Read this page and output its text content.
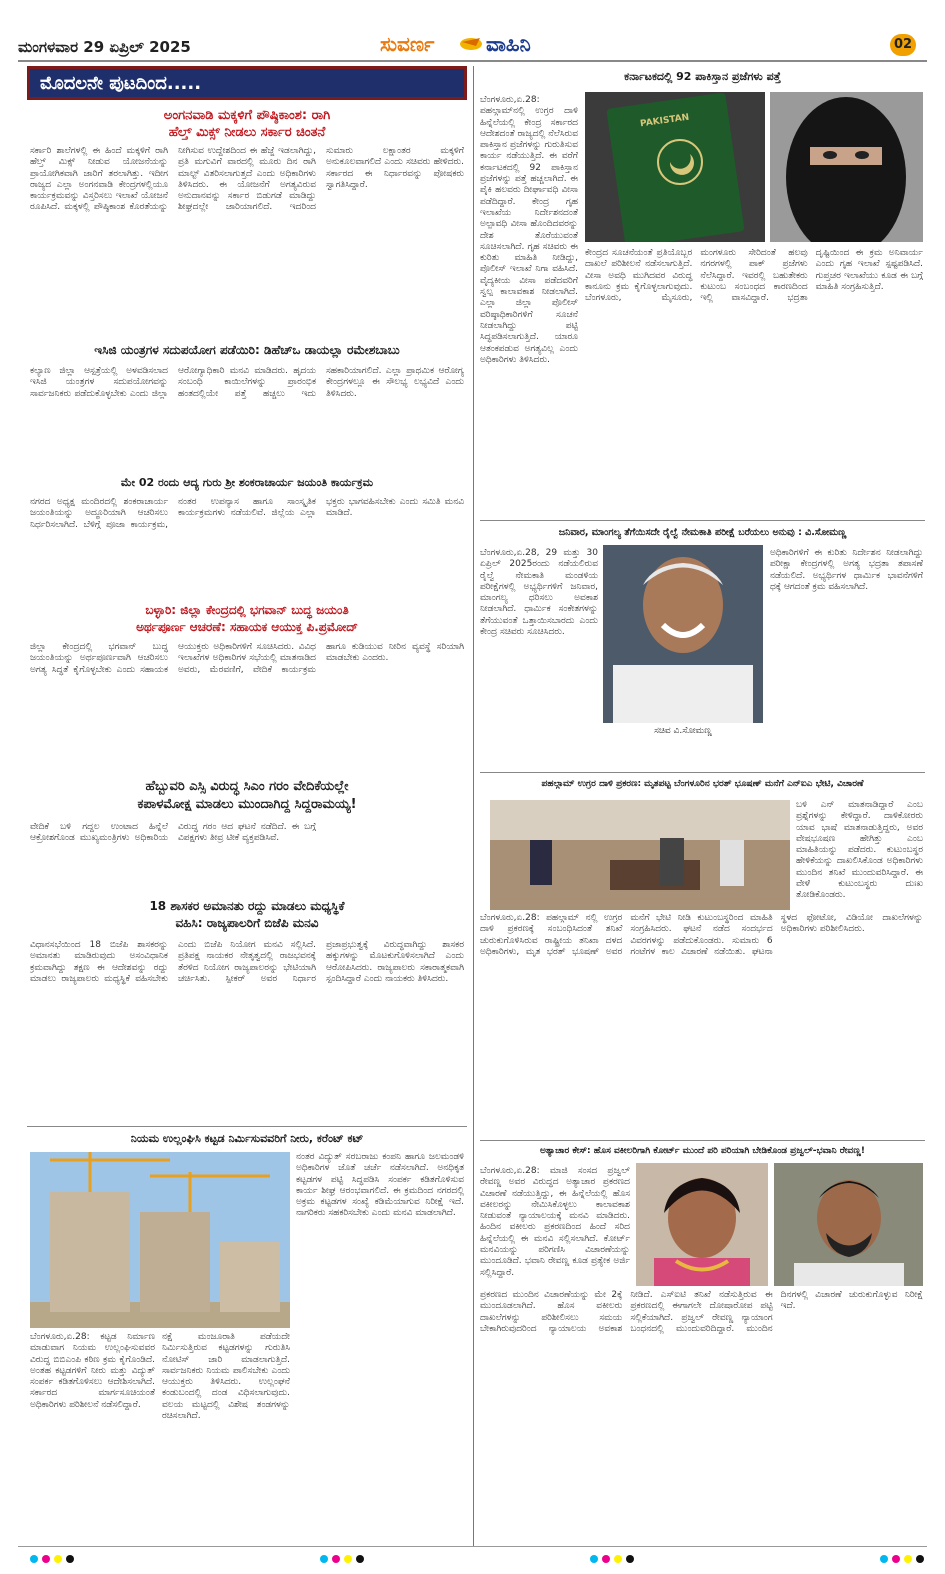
ಮಂಗಳವಾರ 29 ಏಪ್ರಿಲ್ 2025	ಸುವರ್ಣ	ವಾಹಿನಿ	02
ಮೊದಲನೇ ಪುಟದಿಂದ.....
ಅಂಗನವಾಡಿ ಮಕ್ಕಳಿಗೆ ಪೌಷ್ಠಿಕಾಂಶ: ರಾಗಿ
ಹೆಲ್ತ್ ಮಿಕ್ಸ್ ನೀಡಲು ಸರ್ಕಾರ ಚಿಂತನೆ
ಸರ್ಕಾರಿ ಶಾಲೆಗಳಲ್ಲಿ ಈ ಹಿಂದೆ ಮಕ್ಕಳಿಗೆ ರಾಗಿ ಹೆಲ್ತ್ ಮಿಕ್ಸ್ ನೀಡುವ ಯೋಜನೆಯನ್ನು ಪ್ರಾಯೋಗಿಕವಾಗಿ ಜಾರಿಗೆ ತರಲಾಗಿತ್ತು. ಇದೀಗ ರಾಜ್ಯದ ಎಲ್ಲಾ ಅಂಗನವಾಡಿ ಕೇಂದ್ರಗಳಲ್ಲಿಯೂ ಕಾರ್ಯಕ್ರಮವನ್ನು ವಿಸ್ತರಿಸಲು ಇಲಾಖೆ ಯೋಜನೆ ರೂಪಿಸಿದೆ. ಮಕ್ಕಳಲ್ಲಿ ಪೌಷ್ಠಿಕಾಂಶ ಕೊರತೆಯನ್ನು ನೀಗಿಸುವ ಉದ್ದೇಶದಿಂದ ಈ ಹೆಜ್ಜೆ ಇಡಲಾಗಿದ್ದು, ಪ್ರತಿ ಮಗುವಿಗೆ ವಾರದಲ್ಲಿ ಮೂರು ದಿನ ರಾಗಿ ಮಾಲ್ಟ್ ವಿತರಿಸಲಾಗುತ್ತದೆ ಎಂದು ಅಧಿಕಾರಿಗಳು ತಿಳಿಸಿದರು. ಈ ಯೋಜನೆಗೆ ಅಗತ್ಯವಿರುವ ಅನುದಾನವನ್ನು ಸರ್ಕಾರ ಬಿಡುಗಡೆ ಮಾಡಿದ್ದು ಶೀಘ್ರದಲ್ಲೇ ಜಾರಿಯಾಗಲಿದೆ. ಇದರಿಂದ ಸುಮಾರು ಲಕ್ಷಾಂತರ ಮಕ್ಕಳಿಗೆ ಅನುಕೂಲವಾಗಲಿದೆ ಎಂದು ಸಚಿವರು ಹೇಳಿದರು. ಸರ್ಕಾರದ ಈ ನಿರ್ಧಾರವನ್ನು ಪೋಷಕರು ಸ್ವಾಗತಿಸಿದ್ದಾರೆ.
ಇಸಿಜಿ ಯಂತ್ರಗಳ ಸದುಪಯೋಗ ಪಡೆಯಿರಿ: ಡಿಹೆಚ್ಒ ಡಾಯಲ್ಲಾ ರಮೇಶಬಾಬು
ಕಲ್ಯಾಣ ಜಿಲ್ಲಾ ಆಸ್ಪತ್ರೆಯಲ್ಲಿ ಅಳವಡಿಸಲಾದ ಇಸಿಜಿ ಯಂತ್ರಗಳ ಸದುಪಯೋಗವನ್ನು ಸಾರ್ವಜನಿಕರು ಪಡೆದುಕೊಳ್ಳಬೇಕು ಎಂದು ಜಿಲ್ಲಾ ಆರೋಗ್ಯಾಧಿಕಾರಿ ಮನವಿ ಮಾಡಿದರು. ಹೃದಯ ಸಂಬಂಧಿ ಕಾಯಿಲೆಗಳನ್ನು ಪ್ರಾರಂಭಿಕ ಹಂತದಲ್ಲಿಯೇ ಪತ್ತೆ ಹಚ್ಚಲು ಇದು ಸಹಕಾರಿಯಾಗಲಿದೆ. ಎಲ್ಲಾ ಪ್ರಾಥಮಿಕ ಆರೋಗ್ಯ ಕೇಂದ್ರಗಳಲ್ಲೂ ಈ ಸೌಲಭ್ಯ ಲಭ್ಯವಿದೆ ಎಂದು ತಿಳಿಸಿದರು.
ಮೇ 02 ರಂದು ಆದ್ಯ ಗುರು ಶ್ರೀ ಶಂಕರಾಚಾರ್ಯ ಜಯಂತಿ ಕಾರ್ಯಕ್ರಮ
ನಗರದ ಅಧ್ಯಕ್ಷ ಮಂದಿರದಲ್ಲಿ ಶಂಕರಾಚಾರ್ಯ ಜಯಂತಿಯನ್ನು ಅದ್ಧೂರಿಯಾಗಿ ಆಚರಿಸಲು ನಿರ್ಧರಿಸಲಾಗಿದೆ. ಬೆಳಿಗ್ಗೆ ಪೂಜಾ ಕಾರ್ಯಕ್ರಮ, ನಂತರ ಉಪನ್ಯಾಸ ಹಾಗೂ ಸಾಂಸ್ಕೃತಿಕ ಕಾರ್ಯಕ್ರಮಗಳು ನಡೆಯಲಿವೆ. ಜಿಲ್ಲೆಯ ಎಲ್ಲಾ ಭಕ್ತರು ಭಾಗವಹಿಸಬೇಕು ಎಂದು ಸಮಿತಿ ಮನವಿ ಮಾಡಿದೆ.
ಬಳ್ಳಾರಿ: ಜಿಲ್ಲಾ ಕೇಂದ್ರದಲ್ಲಿ ಭಗವಾನ್ ಬುದ್ಧ ಜಯಂತಿ
ಅರ್ಥಪೂರ್ಣ ಆಚರಣೆ: ಸಹಾಯಕ ಆಯುಕ್ತ ಪಿ.ಪ್ರಮೋದ್
ಜಿಲ್ಲಾ ಕೇಂದ್ರದಲ್ಲಿ ಭಗವಾನ್ ಬುದ್ಧ ಜಯಂತಿಯನ್ನು ಅರ್ಥಪೂರ್ಣವಾಗಿ ಆಚರಿಸಲು ಅಗತ್ಯ ಸಿದ್ಧತೆ ಕೈಗೊಳ್ಳಬೇಕು ಎಂದು ಸಹಾಯಕ ಆಯುಕ್ತರು ಅಧಿಕಾರಿಗಳಿಗೆ ಸೂಚಿಸಿದರು. ವಿವಿಧ ಇಲಾಖೆಗಳ ಅಧಿಕಾರಿಗಳ ಸಭೆಯಲ್ಲಿ ಮಾತನಾಡಿದ ಅವರು, ಮೆರವಣಿಗೆ, ವೇದಿಕೆ ಕಾರ್ಯಕ್ರಮ ಹಾಗೂ ಕುಡಿಯುವ ನೀರಿನ ವ್ಯವಸ್ಥೆ ಸರಿಯಾಗಿ ಮಾಡಬೇಕು ಎಂದರು.
ಹೆಬ್ಬುವರಿ ಎಸ್ಸಿ ವಿರುದ್ಧ ಸಿಎಂ ಗರಂ ವೇದಿಕೆಯಲ್ಲೇ
ಕಪಾಳಮೋಕ್ಷ ಮಾಡಲು ಮುಂದಾಗಿದ್ದ ಸಿದ್ದರಾಮಯ್ಯ!
ವೇದಿಕೆ ಬಳಿ ಗದ್ದಲ ಉಂಟಾದ ಹಿನ್ನೆಲೆ ಆಕ್ರೋಶಗೊಂಡ ಮುಖ್ಯಮಂತ್ರಿಗಳು ಅಧಿಕಾರಿಯ ವಿರುದ್ಧ ಗರಂ ಆದ ಘಟನೆ ನಡೆದಿದೆ. ಈ ಬಗ್ಗೆ ವಿಪಕ್ಷಗಳು ತೀವ್ರ ಟೀಕೆ ವ್ಯಕ್ತಪಡಿಸಿವೆ.
18 ಶಾಸಕರ ಅಮಾನತು ರದ್ದು ಮಾಡಲು ಮಧ್ಯಸ್ಥಿಕೆ
ವಹಿಸಿ: ರಾಜ್ಯಪಾಲರಿಗೆ ಬಿಜೆಪಿ ಮನವಿ
ವಿಧಾನಸಭೆಯಿಂದ 18 ಬಿಜೆಪಿ ಶಾಸಕರನ್ನು ಅಮಾನತು ಮಾಡಿರುವುದು ಅಸಂವಿಧಾನಿಕ ಕ್ರಮವಾಗಿದ್ದು ತಕ್ಷಣ ಈ ಆದೇಶವನ್ನು ರದ್ದು ಮಾಡಲು ರಾಜ್ಯಪಾಲರು ಮಧ್ಯಸ್ಥಿಕೆ ವಹಿಸಬೇಕು ಎಂದು ಬಿಜೆಪಿ ನಿಯೋಗ ಮನವಿ ಸಲ್ಲಿಸಿದೆ. ಪ್ರತಿಪಕ್ಷ ನಾಯಕರ ನೇತೃತ್ವದಲ್ಲಿ ರಾಜಭವನಕ್ಕೆ ತೆರಳಿದ ನಿಯೋಗ ರಾಜ್ಯಪಾಲರನ್ನು ಭೇಟಿಯಾಗಿ ಚರ್ಚಿಸಿತು. ಸ್ಪೀಕರ್ ಅವರ ನಿರ್ಧಾರ ಪ್ರಜಾಪ್ರಭುತ್ವಕ್ಕೆ ವಿರುದ್ಧವಾಗಿದ್ದು ಶಾಸಕರ ಹಕ್ಕುಗಳನ್ನು ಮೊಟಕುಗೊಳಿಸಲಾಗಿದೆ ಎಂದು ಆರೋಪಿಸಿದರು. ರಾಜ್ಯಪಾಲರು ಸಕಾರಾತ್ಮಕವಾಗಿ ಸ್ಪಂದಿಸಿದ್ದಾರೆ ಎಂದು ನಾಯಕರು ತಿಳಿಸಿದರು.
ಕರ್ನಾಟಕದಲ್ಲಿ 92 ಪಾಕಿಸ್ತಾನ ಪ್ರಜೆಗಳು ಪತ್ತೆ
ಬೆಂಗಳೂರು,ಏ.28: ಪಹಲ್ಗಾಮ್‌ನಲ್ಲಿ ಉಗ್ರರ ದಾಳಿ ಹಿನ್ನೆಲೆಯಲ್ಲಿ ಕೇಂದ್ರ ಸರ್ಕಾರದ ಆದೇಶದಂತೆ ರಾಜ್ಯದಲ್ಲಿ ನೆಲೆಸಿರುವ ಪಾಕಿಸ್ತಾನ ಪ್ರಜೆಗಳನ್ನು ಗುರುತಿಸುವ ಕಾರ್ಯ ನಡೆಯುತ್ತಿದೆ. ಈ ವರೆಗೆ ಕರ್ನಾಟಕದಲ್ಲಿ 92 ಪಾಕಿಸ್ತಾನ ಪ್ರಜೆಗಳನ್ನು ಪತ್ತೆ ಹಚ್ಚಲಾಗಿದೆ. ಈ ಪೈಕಿ ಹಲವರು ದೀರ್ಘಾವಧಿ ವೀಸಾ ಪಡೆದಿದ್ದಾರೆ. ಕೇಂದ್ರ ಗೃಹ ಇಲಾಖೆಯ ನಿರ್ದೇಶನದಂತೆ ಅಲ್ಪಾವಧಿ ವೀಸಾ ಹೊಂದಿದವರನ್ನು ದೇಶ ತೊರೆಯುವಂತೆ ಸೂಚಿಸಲಾಗಿದೆ. ಗೃಹ ಸಚಿವರು ಈ ಕುರಿತು ಮಾಹಿತಿ ನೀಡಿದ್ದು, ಪೊಲೀಸ್ ಇಲಾಖೆ ನಿಗಾ ವಹಿಸಿದೆ. ವೈದ್ಯಕೀಯ ವೀಸಾ ಪಡೆದವರಿಗೆ ಸ್ವಲ್ಪ ಕಾಲಾವಕಾಶ ನೀಡಲಾಗಿದೆ. ಎಲ್ಲಾ ಜಿಲ್ಲಾ ಪೊಲೀಸ್ ವರಿಷ್ಠಾಧಿಕಾರಿಗಳಿಗೆ ಸೂಚನೆ ನೀಡಲಾಗಿದ್ದು ಪಟ್ಟಿ ಸಿದ್ಧಪಡಿಸಲಾಗುತ್ತಿದೆ. ಯಾರೂ ಆತಂಕಪಡುವ ಅಗತ್ಯವಿಲ್ಲ ಎಂದು ಅಧಿಕಾರಿಗಳು ತಿಳಿಸಿದರು.
PAKISTAN
ಕೇಂದ್ರದ ಸೂಚನೆಯಂತೆ ಪ್ರತಿಯೊಬ್ಬರ ದಾಖಲೆ ಪರಿಶೀಲನೆ ನಡೆಸಲಾಗುತ್ತಿದೆ. ವೀಸಾ ಅವಧಿ ಮುಗಿದವರ ವಿರುದ್ಧ ಕಾನೂನು ಕ್ರಮ ಕೈಗೊಳ್ಳಲಾಗುವುದು. ಬೆಂಗಳೂರು, ಮೈಸೂರು, ಮಂಗಳೂರು ಸೇರಿದಂತೆ ಹಲವು ನಗರಗಳಲ್ಲಿ ಪಾಕ್ ಪ್ರಜೆಗಳು ನೆಲೆಸಿದ್ದಾರೆ. ಇವರಲ್ಲಿ ಬಹುತೇಕರು ಕುಟುಂಬ ಸಂಬಂಧದ ಕಾರಣದಿಂದ ಇಲ್ಲಿ ವಾಸವಿದ್ದಾರೆ. ಭದ್ರತಾ ದೃಷ್ಟಿಯಿಂದ ಈ ಕ್ರಮ ಅನಿವಾರ್ಯ ಎಂದು ಗೃಹ ಇಲಾಖೆ ಸ್ಪಷ್ಟಪಡಿಸಿದೆ. ಗುಪ್ತಚರ ಇಲಾಖೆಯು ಕೂಡ ಈ ಬಗ್ಗೆ ಮಾಹಿತಿ ಸಂಗ್ರಹಿಸುತ್ತಿದೆ.
ಜನಿವಾರ, ಮಾಂಗಲ್ಯ ತೆಗೆಯಿಸದೇ ರೈಲ್ವೆ ನೇಮಕಾತಿ ಪರೀಕ್ಷೆ ಬರೆಯಲು ಅನುವು : ವಿ.ಸೋಮಣ್ಣ
ಬೆಂಗಳೂರು,ಏ.28, 29 ಮತ್ತು 30 ಏಪ್ರಿಲ್ 2025ರಂದು ನಡೆಯಲಿರುವ ರೈಲ್ವೆ ನೇಮಕಾತಿ ಮಂಡಳಿಯ ಪರೀಕ್ಷೆಗಳಲ್ಲಿ ಅಭ್ಯರ್ಥಿಗಳಿಗೆ ಜನಿವಾರ, ಮಾಂಗಲ್ಯ ಧರಿಸಲು ಅವಕಾಶ ನೀಡಲಾಗಿದೆ. ಧಾರ್ಮಿಕ ಸಂಕೇತಗಳನ್ನು ತೆಗೆಯುವಂತೆ ಒತ್ತಾಯಿಸಬಾರದು ಎಂದು ಕೇಂದ್ರ ಸಚಿವರು ಸೂಚಿಸಿದರು.
ಸಚಿವ ವಿ.ಸೋಮಣ್ಣ
ಅಧಿಕಾರಿಗಳಿಗೆ ಈ ಕುರಿತು ನಿರ್ದೇಶನ ನೀಡಲಾಗಿದ್ದು ಪರೀಕ್ಷಾ ಕೇಂದ್ರಗಳಲ್ಲಿ ಅಗತ್ಯ ಭದ್ರತಾ ತಪಾಸಣೆ ನಡೆಯಲಿದೆ. ಅಭ್ಯರ್ಥಿಗಳ ಧಾರ್ಮಿಕ ಭಾವನೆಗಳಿಗೆ ಧಕ್ಕೆ ಆಗದಂತೆ ಕ್ರಮ ವಹಿಸಲಾಗಿದೆ.
ಪಹಲ್ಗಾಮ್ ಉಗ್ರರ ದಾಳಿ ಪ್ರಕರಣ: ಮೃತಪಟ್ಟ ಬೆಂಗಳೂರಿನ ಭರತ್ ಭೂಷಣ್ ಮನೆಗೆ ಎನ್‌ಐಎ ಭೇಟಿ, ವಿಚಾರಣೆ
ಬಳಿ ಎನ್ ಮಾತನಾಡಿದ್ದಾರೆ ಎಂಬ ಪ್ರಶ್ನೆಗಳನ್ನು ಕೇಳಿದ್ದಾರೆ. ದಾಳಿಕೋರರು ಯಾವ ಭಾಷೆ ಮಾತನಾಡುತ್ತಿದ್ದರು, ಅವರ ವೇಷಭೂಷಣ ಹೇಗಿತ್ತು ಎಂಬ ಮಾಹಿತಿಯನ್ನು ಪಡೆದರು. ಕುಟುಂಬಸ್ಥರ ಹೇಳಿಕೆಯನ್ನು ದಾಖಲಿಸಿಕೊಂಡ ಅಧಿಕಾರಿಗಳು ಮುಂದಿನ ತನಿಖೆ ಮುಂದುವರಿಸಿದ್ದಾರೆ. ಈ ವೇಳೆ ಕುಟುಂಬಸ್ಥರು ದುಃಖ ತೋಡಿಕೊಂಡರು.
ಬೆಂಗಳೂರು,ಏ.28: ಪಹಲ್ಗಾಮ್ ನಲ್ಲಿ ಉಗ್ರರ ದಾಳಿ ಪ್ರಕರಣಕ್ಕೆ ಸಂಬಂಧಿಸಿದಂತೆ ತನಿಖೆ ಚುರುಕುಗೊಳಿಸಿರುವ ರಾಷ್ಟ್ರೀಯ ತನಿಖಾ ದಳದ ಅಧಿಕಾರಿಗಳು, ಮೃತ ಭರತ್ ಭೂಷಣ್ ಅವರ ಮನೆಗೆ ಭೇಟಿ ನೀಡಿ ಕುಟುಂಬಸ್ಥರಿಂದ ಮಾಹಿತಿ ಸಂಗ್ರಹಿಸಿದರು. ಘಟನೆ ನಡೆದ ಸಂದರ್ಭದ ವಿವರಗಳನ್ನು ಪಡೆದುಕೊಂಡರು. ಸುಮಾರು 6 ಗಂಟೆಗಳ ಕಾಲ ವಿಚಾರಣೆ ನಡೆಯಿತು. ಘಟನಾ ಸ್ಥಳದ ಫೋಟೋ, ವಿಡಿಯೋ ದಾಖಲೆಗಳನ್ನು ಅಧಿಕಾರಿಗಳು ಪರಿಶೀಲಿಸಿದರು.
ಅತ್ಯಾಚಾರ ಕೇಸ್: ಹೊಸ ವಕೀಲರಿಗಾಗಿ ಕೋರ್ಟ್ ಮುಂದೆ ಪರಿ ಪರಿಯಾಗಿ ಬೇಡಿಕೊಂಡ ಪ್ರಜ್ವಲ್-ಭವಾನಿ ರೇವಣ್ಣ!
ಬೆಂಗಳೂರು,ಏ.28: ಮಾಜಿ ಸಂಸದ ಪ್ರಜ್ವಲ್ ರೇವಣ್ಣ ಅವರ ವಿರುದ್ಧದ ಅತ್ಯಾಚಾರ ಪ್ರಕರಣದ ವಿಚಾರಣೆ ನಡೆಯುತ್ತಿದ್ದು, ಈ ಹಿನ್ನೆಲೆಯಲ್ಲಿ ಹೊಸ ವಕೀಲರನ್ನು ನೇಮಿಸಿಕೊಳ್ಳಲು ಕಾಲಾವಕಾಶ ನೀಡುವಂತೆ ನ್ಯಾಯಾಲಯಕ್ಕೆ ಮನವಿ ಮಾಡಿದರು. ಹಿಂದಿನ ವಕೀಲರು ಪ್ರಕರಣದಿಂದ ಹಿಂದೆ ಸರಿದ ಹಿನ್ನೆಲೆಯಲ್ಲಿ ಈ ಮನವಿ ಸಲ್ಲಿಸಲಾಗಿದೆ. ಕೋರ್ಟ್ ಮನವಿಯನ್ನು ಪರಿಗಣಿಸಿ ವಿಚಾರಣೆಯನ್ನು ಮುಂದೂಡಿದೆ. ಭವಾನಿ ರೇವಣ್ಣ ಕೂಡ ಪ್ರತ್ಯೇಕ ಅರ್ಜಿ ಸಲ್ಲಿಸಿದ್ದಾರೆ.
ಪ್ರಕರಣದ ಮುಂದಿನ ವಿಚಾರಣೆಯನ್ನು ಮೇ 2ಕ್ಕೆ ಮುಂದೂಡಲಾಗಿದೆ. ಹೊಸ ವಕೀಲರು ದಾಖಲೆಗಳನ್ನು ಪರಿಶೀಲಿಸಲು ಸಮಯ ಬೇಕಾಗಿರುವುದರಿಂದ ನ್ಯಾಯಾಲಯ ಅವಕಾಶ ನೀಡಿದೆ. ಎಸ್ಐಟಿ ತನಿಖೆ ನಡೆಸುತ್ತಿರುವ ಈ ಪ್ರಕರಣದಲ್ಲಿ ಈಗಾಗಲೇ ದೋಷಾರೋಪ ಪಟ್ಟಿ ಸಲ್ಲಿಕೆಯಾಗಿದೆ. ಪ್ರಜ್ವಲ್ ರೇವಣ್ಣ ನ್ಯಾಯಾಂಗ ಬಂಧನದಲ್ಲಿ ಮುಂದುವರಿದಿದ್ದಾರೆ. ಮುಂದಿನ ದಿನಗಳಲ್ಲಿ ವಿಚಾರಣೆ ಚುರುಕುಗೊಳ್ಳುವ ನಿರೀಕ್ಷೆ ಇದೆ.
ನಿಯಮ ಉಲ್ಲಂಘಿಸಿ ಕಟ್ಟಡ ನಿರ್ಮಿಸುವವರಿಗೆ ನೀರು, ಕರೆಂಟ್ ಕಟ್
ನಂತರ ವಿದ್ಯುತ್ ಸರಬರಾಜು ಕಂಪನಿ ಹಾಗೂ ಜಲಮಂಡಳಿ ಅಧಿಕಾರಿಗಳ ಜೊತೆ ಚರ್ಚೆ ನಡೆಸಲಾಗಿದೆ. ಅನಧಿಕೃತ ಕಟ್ಟಡಗಳ ಪಟ್ಟಿ ಸಿದ್ಧಪಡಿಸಿ ಸಂಪರ್ಕ ಕಡಿತಗೊಳಿಸುವ ಕಾರ್ಯ ಶೀಘ್ರ ಆರಂಭವಾಗಲಿದೆ. ಈ ಕ್ರಮದಿಂದ ನಗರದಲ್ಲಿ ಅಕ್ರಮ ಕಟ್ಟಡಗಳ ಸಂಖ್ಯೆ ಕಡಿಮೆಯಾಗುವ ನಿರೀಕ್ಷೆ ಇದೆ. ನಾಗರಿಕರು ಸಹಕರಿಸಬೇಕು ಎಂದು ಮನವಿ ಮಾಡಲಾಗಿದೆ.
ಬೆಂಗಳೂರು,ಏ.28: ಕಟ್ಟಡ ನಿರ್ಮಾಣ ಮಾಡುವಾಗ ನಿಯಮ ಉಲ್ಲಂಘಿಸುವವರ ವಿರುದ್ಧ ಬಿಬಿಎಂಪಿ ಕಠಿಣ ಕ್ರಮ ಕೈಗೊಂಡಿದೆ. ಅಂತಹ ಕಟ್ಟಡಗಳಿಗೆ ನೀರು ಮತ್ತು ವಿದ್ಯುತ್ ಸಂಪರ್ಕ ಕಡಿತಗೊಳಿಸಲು ಆದೇಶಿಸಲಾಗಿದೆ. ಸರ್ಕಾರದ ಮಾರ್ಗಸೂಚಿಯಂತೆ ಅಧಿಕಾರಿಗಳು ಪರಿಶೀಲನೆ ನಡೆಸಲಿದ್ದಾರೆ.
ನಕ್ಷೆ ಮಂಜೂರಾತಿ ಪಡೆಯದೇ ನಿರ್ಮಿಸುತ್ತಿರುವ ಕಟ್ಟಡಗಳನ್ನು ಗುರುತಿಸಿ ನೋಟಿಸ್ ಜಾರಿ ಮಾಡಲಾಗುತ್ತಿದೆ. ಸಾರ್ವಜನಿಕರು ನಿಯಮ ಪಾಲಿಸಬೇಕು ಎಂದು ಆಯುಕ್ತರು ತಿಳಿಸಿದರು. ಉಲ್ಲಂಘನೆ ಕಂಡುಬಂದಲ್ಲಿ ದಂಡ ವಿಧಿಸಲಾಗುವುದು. ವಲಯ ಮಟ್ಟದಲ್ಲಿ ವಿಶೇಷ ತಂಡಗಳನ್ನು ರಚಿಸಲಾಗಿದೆ.
